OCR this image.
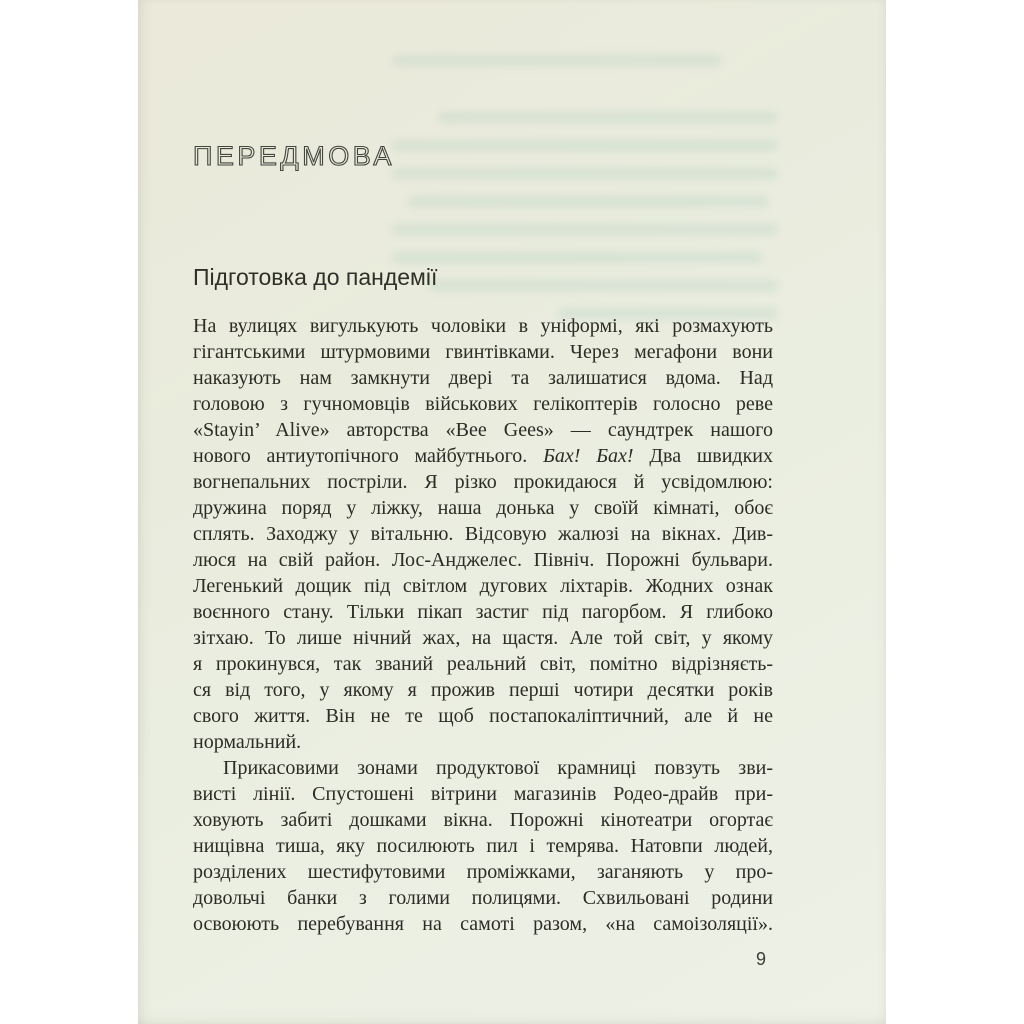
ПЕРЕДМОВА
Підготовка до пандемії
На вулицях вигулькують чоловіки в уніформі, які розмахують
гігантськими штурмовими гвинтівками. Через мегафони вони
наказують нам замкнути двері та залишатися вдома. Над
головою з гучномовців військових гелікоптерів голосно реве
«Stayin’ Alive» авторства «Bee Gees» — саундтрек нашого
нового антиутопічного майбутнього. Бах! Бах! Два швидких
вогнепальних постріли. Я різко прокидаюся й усвідомлюю:
дружина поряд у ліжку, наша донька у своїй кімнаті, обоє
сплять. Заходжу у вітальню. Відсовую жалюзі на вікнах. Див-
люся на свій район. Лос-Анджелес. Північ. Порожні бульвари.
Легенький дощик під світлом дугових ліхтарів. Жодних ознак
воєнного стану. Тільки пікап застиг під пагорбом. Я глибоко
зітхаю. То лише нічний жах, на щастя. Але той світ, у якому
я прокинувся, так званий реальний світ, помітно відрізняєть-
ся від того, у якому я прожив перші чотири десятки років
свого життя. Він не те щоб постапокаліптичний, але й не
нормальний.
Прикасовими зонами продуктової крамниці повзуть зви-
висті лінії. Спустошені вітрини магазинів Родео-драйв при-
ховують забиті дошками вікна. Порожні кінотеатри огортає
нищівна тиша, яку посилюють пил і темрява. Натовпи людей,
розділених шестифутовими проміжками, заганяють у про-
довольчі банки з голими полицями. Схвильовані родини
освоюють перебування на самоті разом, «на самоізоляції».
9
